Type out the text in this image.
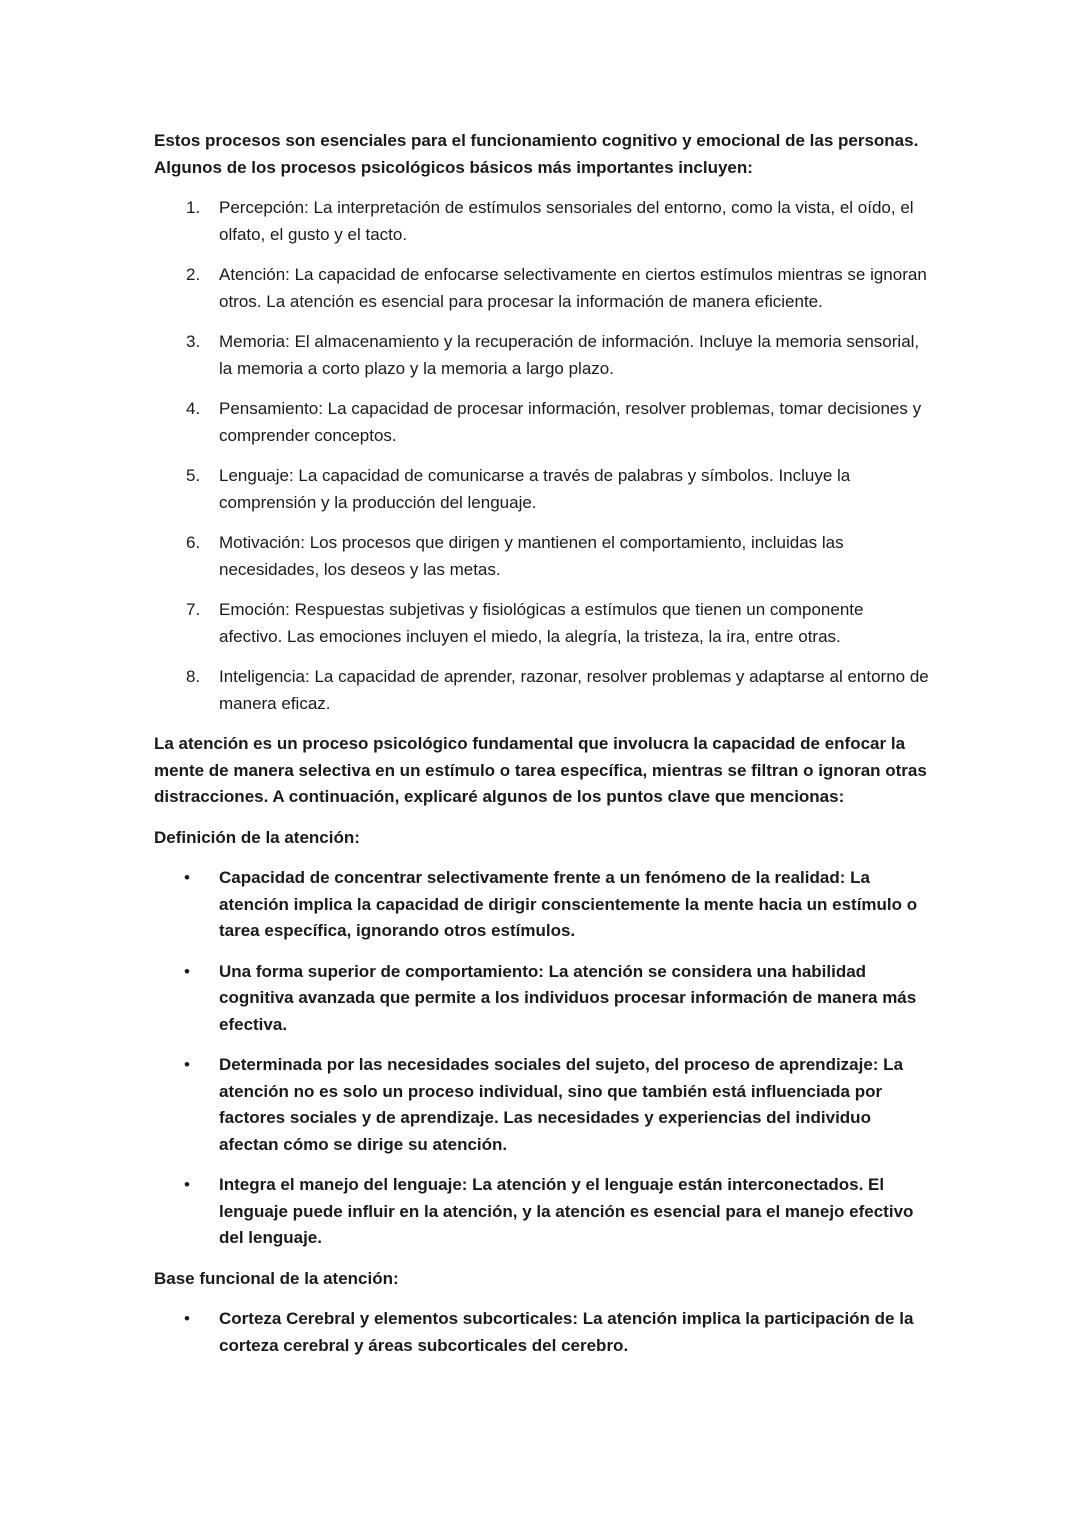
Estos procesos son esenciales para el funcionamiento cognitivo y emocional de las personas.
Algunos de los procesos psicológicos básicos más importantes incluyen:

1.	Percepción: La interpretación de estímulos sensoriales del entorno, como la vista, el oído, el olfato, el gusto y el tacto.
2.	Atención: La capacidad de enfocarse selectivamente en ciertos estímulos mientras se ignoran otros. La atención es esencial para procesar la información de manera eficiente.
3.	Memoria: El almacenamiento y la recuperación de información. Incluye la memoria sensorial, la memoria a corto plazo y la memoria a largo plazo.
4.	Pensamiento: La capacidad de procesar información, resolver problemas, tomar decisiones y comprender conceptos.
5.	Lenguaje: La capacidad de comunicarse a través de palabras y símbolos. Incluye la comprensión y la producción del lenguaje.
6.	Motivación: Los procesos que dirigen y mantienen el comportamiento, incluidas las necesidades, los deseos y las metas.
7.	Emoción: Respuestas subjetivas y fisiológicas a estímulos que tienen un componente afectivo. Las emociones incluyen el miedo, la alegría, la tristeza, la ira, entre otras.
8.	Inteligencia: La capacidad de aprender, razonar, resolver problemas y adaptarse al entorno de manera eficaz.

La atención es un proceso psicológico fundamental que involucra la capacidad de enfocar la mente de manera selectiva en un estímulo o tarea específica, mientras se filtran o ignoran otras distracciones. A continuación, explicaré algunos de los puntos clave que mencionas:

Definición de la atención:

• Capacidad de concentrar selectivamente frente a un fenómeno de la realidad: La atención implica la capacidad de dirigir conscientemente la mente hacia un estímulo o tarea específica, ignorando otros estímulos.
• Una forma superior de comportamiento: La atención se considera una habilidad cognitiva avanzada que permite a los individuos procesar información de manera más efectiva.
• Determinada por las necesidades sociales del sujeto, del proceso de aprendizaje: La atención no es solo un proceso individual, sino que también está influenciada por factores sociales y de aprendizaje. Las necesidades y experiencias del individuo afectan cómo se dirige su atención.
• Integra el manejo del lenguaje: La atención y el lenguaje están interconectados. El lenguaje puede influir en la atención, y la atención es esencial para el manejo efectivo del lenguaje.

Base funcional de la atención:

• Corteza Cerebral y elementos subcorticales: La atención implica la participación de la corteza cerebral y áreas subcorticales del cerebro.
